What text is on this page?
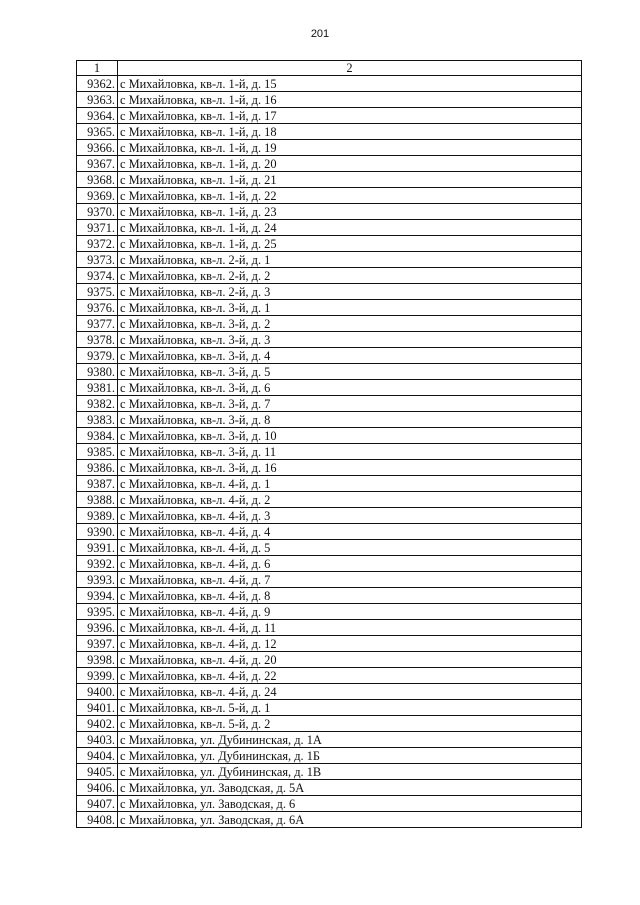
201
1	2
9362.	с Михайловка, кв-л. 1-й, д. 15
9363.	с Михайловка, кв-л. 1-й, д. 16
9364.	с Михайловка, кв-л. 1-й, д. 17
9365.	с Михайловка, кв-л. 1-й, д. 18
9366.	с Михайловка, кв-л. 1-й, д. 19
9367.	с Михайловка, кв-л. 1-й, д. 20
9368.	с Михайловка, кв-л. 1-й, д. 21
9369.	с Михайловка, кв-л. 1-й, д. 22
9370.	с Михайловка, кв-л. 1-й, д. 23
9371.	с Михайловка, кв-л. 1-й, д. 24
9372.	с Михайловка, кв-л. 1-й, д. 25
9373.	с Михайловка, кв-л. 2-й, д. 1
9374.	с Михайловка, кв-л. 2-й, д. 2
9375.	с Михайловка, кв-л. 2-й, д. 3
9376.	с Михайловка, кв-л. 3-й, д. 1
9377.	с Михайловка, кв-л. 3-й, д. 2
9378.	с Михайловка, кв-л. 3-й, д. 3
9379.	с Михайловка, кв-л. 3-й, д. 4
9380.	с Михайловка, кв-л. 3-й, д. 5
9381.	с Михайловка, кв-л. 3-й, д. 6
9382.	с Михайловка, кв-л. 3-й, д. 7
9383.	с Михайловка, кв-л. 3-й, д. 8
9384.	с Михайловка, кв-л. 3-й, д. 10
9385.	с Михайловка, кв-л. 3-й, д. 11
9386.	с Михайловка, кв-л. 3-й, д. 16
9387.	с Михайловка, кв-л. 4-й, д. 1
9388.	с Михайловка, кв-л. 4-й, д. 2
9389.	с Михайловка, кв-л. 4-й, д. 3
9390.	с Михайловка, кв-л. 4-й, д. 4
9391.	с Михайловка, кв-л. 4-й, д. 5
9392.	с Михайловка, кв-л. 4-й, д. 6
9393.	с Михайловка, кв-л. 4-й, д. 7
9394.	с Михайловка, кв-л. 4-й, д. 8
9395.	с Михайловка, кв-л. 4-й, д. 9
9396.	с Михайловка, кв-л. 4-й, д. 11
9397.	с Михайловка, кв-л. 4-й, д. 12
9398.	с Михайловка, кв-л. 4-й, д. 20
9399.	с Михайловка, кв-л. 4-й, д. 22
9400.	с Михайловка, кв-л. 4-й, д. 24
9401.	с Михайловка, кв-л. 5-й, д. 1
9402.	с Михайловка, кв-л. 5-й, д. 2
9403.	с Михайловка, ул. Дубининская, д. 1А
9404.	с Михайловка, ул. Дубининская, д. 1Б
9405.	с Михайловка, ул. Дубининская, д. 1В
9406.	с Михайловка, ул. Заводская, д. 5А
9407.	с Михайловка, ул. Заводская, д. 6
9408.	с Михайловка, ул. Заводская, д. 6А
